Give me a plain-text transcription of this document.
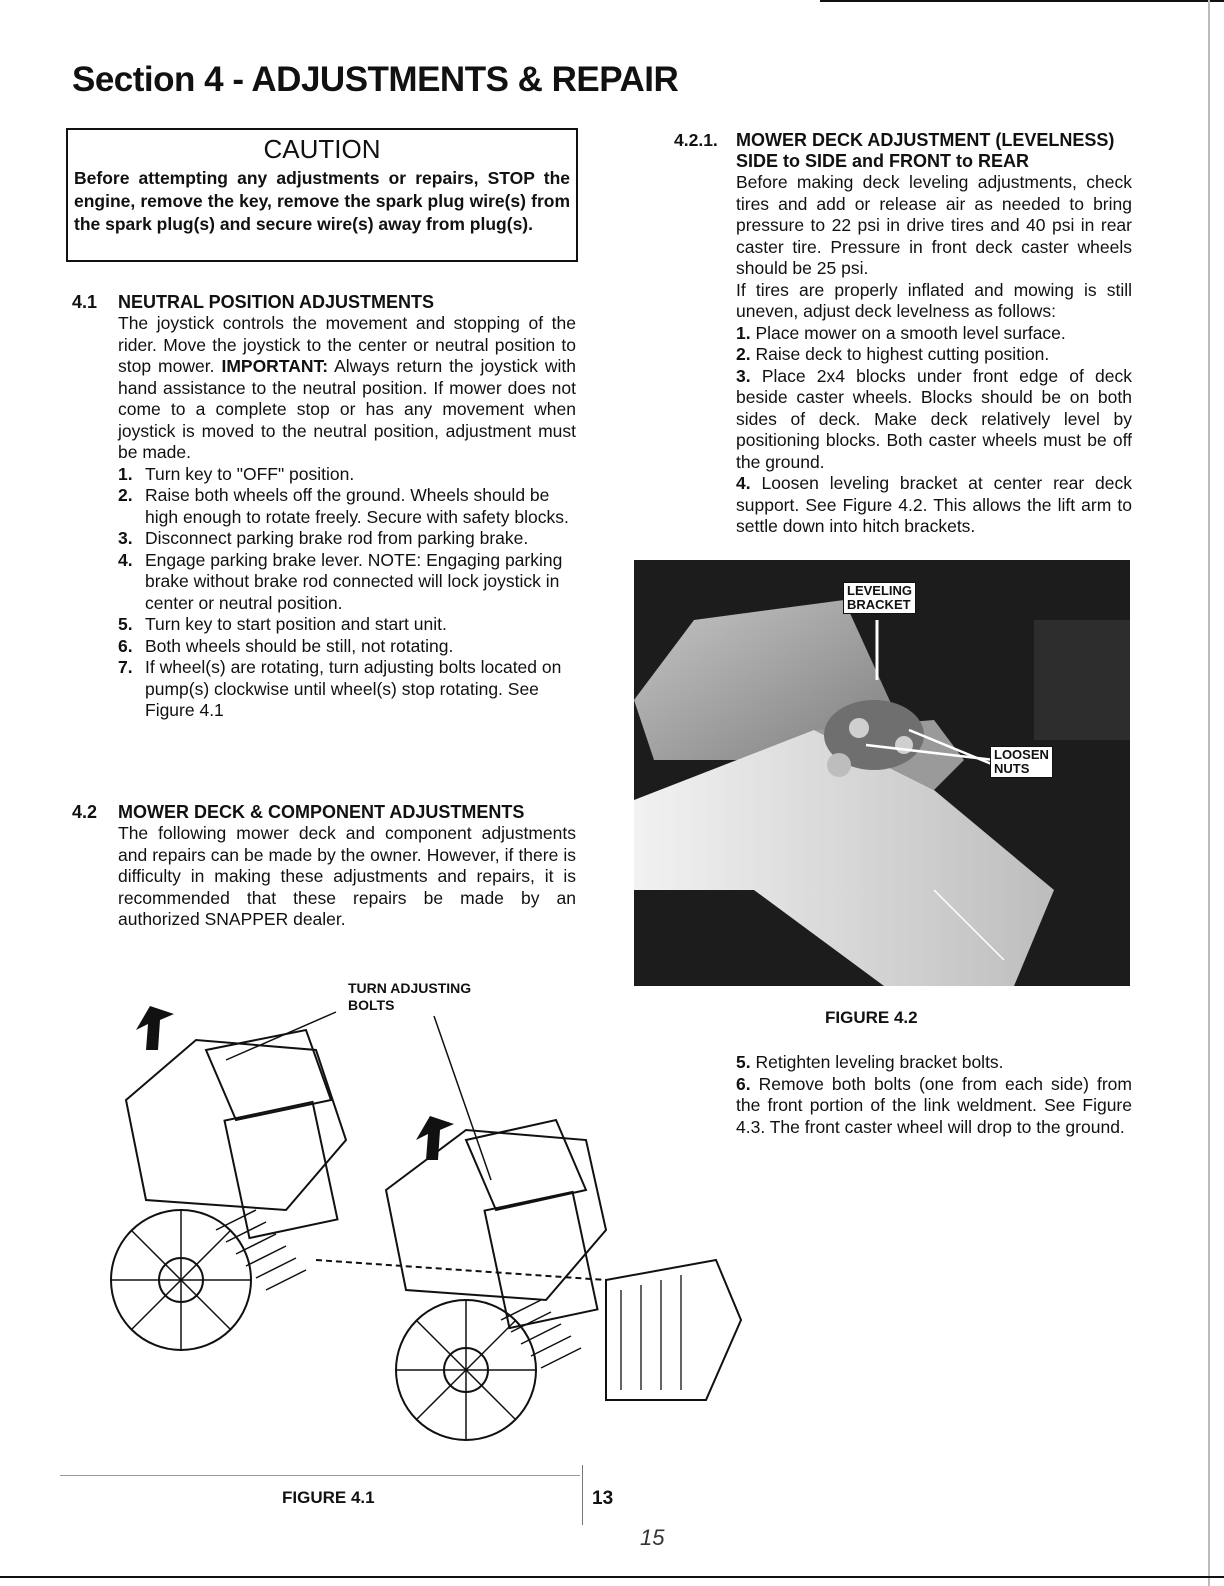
Section 4 - ADJUSTMENTS & REPAIR
CAUTION
Before attempting any adjustments or repairs, STOP the engine, remove the key, remove the spark plug wire(s) from the spark plug(s) and secure wire(s) away from plug(s).
4.1 NEUTRAL POSITION ADJUSTMENTS
The joystick controls the movement and stopping of the rider. Move the joystick to the center or neutral position to stop mower. IMPORTANT: Always return the joystick with hand assistance to the neutral position. If mower does not come to a complete stop or has any movement when joystick is moved to the neutral position, adjustment must be made.
1. Turn key to "OFF" position.
2. Raise both wheels off the ground. Wheels should be high enough to rotate freely. Secure with safety blocks.
3. Disconnect parking brake rod from parking brake.
4. Engage parking brake lever. NOTE: Engaging parking brake without brake rod connected will lock joystick in center or neutral position.
5. Turn key to start position and start unit.
6. Both wheels should be still, not rotating.
7. If wheel(s) are rotating, turn adjusting bolts located on pump(s) clockwise until wheel(s) stop rotating. See Figure 4.1
4.2 MOWER DECK & COMPONENT ADJUSTMENTS
The following mower deck and component adjustments and repairs can be made by the owner. However, if there is difficulty in making these adjustments and repairs, it is recommended that these repairs be made by an authorized SNAPPER dealer.
4.2.1. MOWER DECK ADJUSTMENT (LEVELNESS)
SIDE to SIDE and FRONT to REAR

Before making deck leveling adjustments, check tires and add or release air as needed to bring pressure to 22 psi in drive tires and 40 psi in rear caster tire. Pressure in front deck caster wheels should be 25 psi.

If tires are properly inflated and mowing is still uneven, adjust deck levelness as follows:

1. Place mower on a smooth level surface.

2. Raise deck to highest cutting position.

3. Place 2x4 blocks under front edge of deck beside caster wheels. Blocks should be on both sides of deck. Make deck relatively level by positioning blocks. Both caster wheels must be off the ground.

4. Loosen leveling bracket at center rear deck support. See Figure 4.2. This allows the lift arm to settle down into hitch brackets.

LEVELING
BRACKET
LOOSEN
NUTS
FIGURE 4.2

5. Retighten leveling bracket bolts.

6. Remove both bolts (one from each side) from the front portion of the link weldment. See Figure 4.3. The front caster wheel will drop to the ground.

TURN ADJUSTING
BOLTS
FIGURE 4.1	13
15
